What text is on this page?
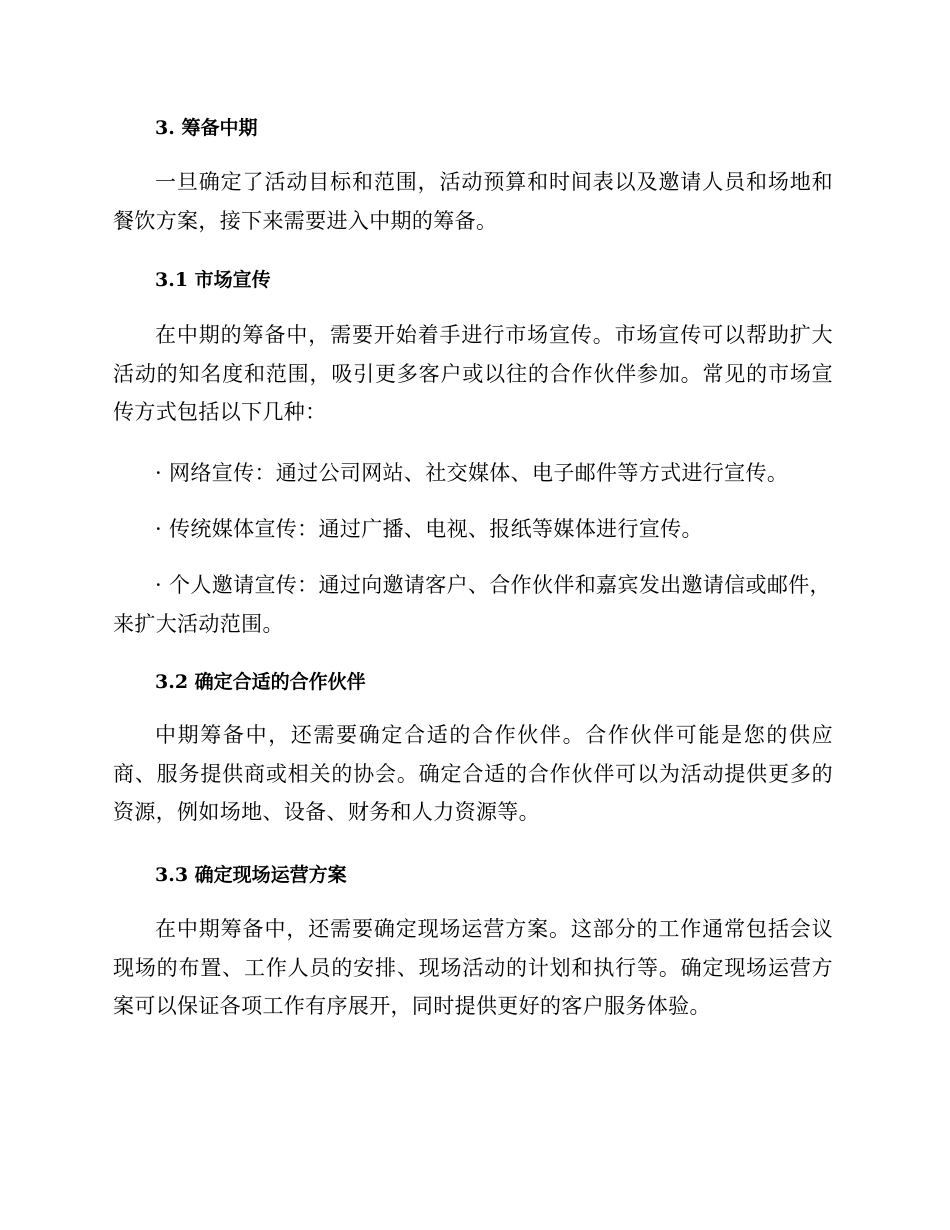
3. 筹备中期

一旦确定了活动目标和范围，活动预算和时间表以及邀请人员和场地和餐饮方案，接下来需要进入中期的筹备。

3.1 市场宣传

在中期的筹备中，需要开始着手进行市场宣传。市场宣传可以帮助扩大活动的知名度和范围，吸引更多客户或以往的合作伙伴参加。常见的市场宣传方式包括以下几种：

· 网络宣传：通过公司网站、社交媒体、电子邮件等方式进行宣传。

· 传统媒体宣传：通过广播、电视、报纸等媒体进行宣传。

· 个人邀请宣传：通过向邀请客户、合作伙伴和嘉宾发出邀请信或邮件，来扩大活动范围。

3.2 确定合适的合作伙伴

中期筹备中，还需要确定合适的合作伙伴。合作伙伴可能是您的供应商、服务提供商或相关的协会。确定合适的合作伙伴可以为活动提供更多的资源，例如场地、设备、财务和人力资源等。

3.3 确定现场运营方案

在中期筹备中，还需要确定现场运营方案。这部分的工作通常包括会议现场的布置、工作人员的安排、现场活动的计划和执行等。确定现场运营方案可以保证各项工作有序展开，同时提供更好的客户服务体验。
